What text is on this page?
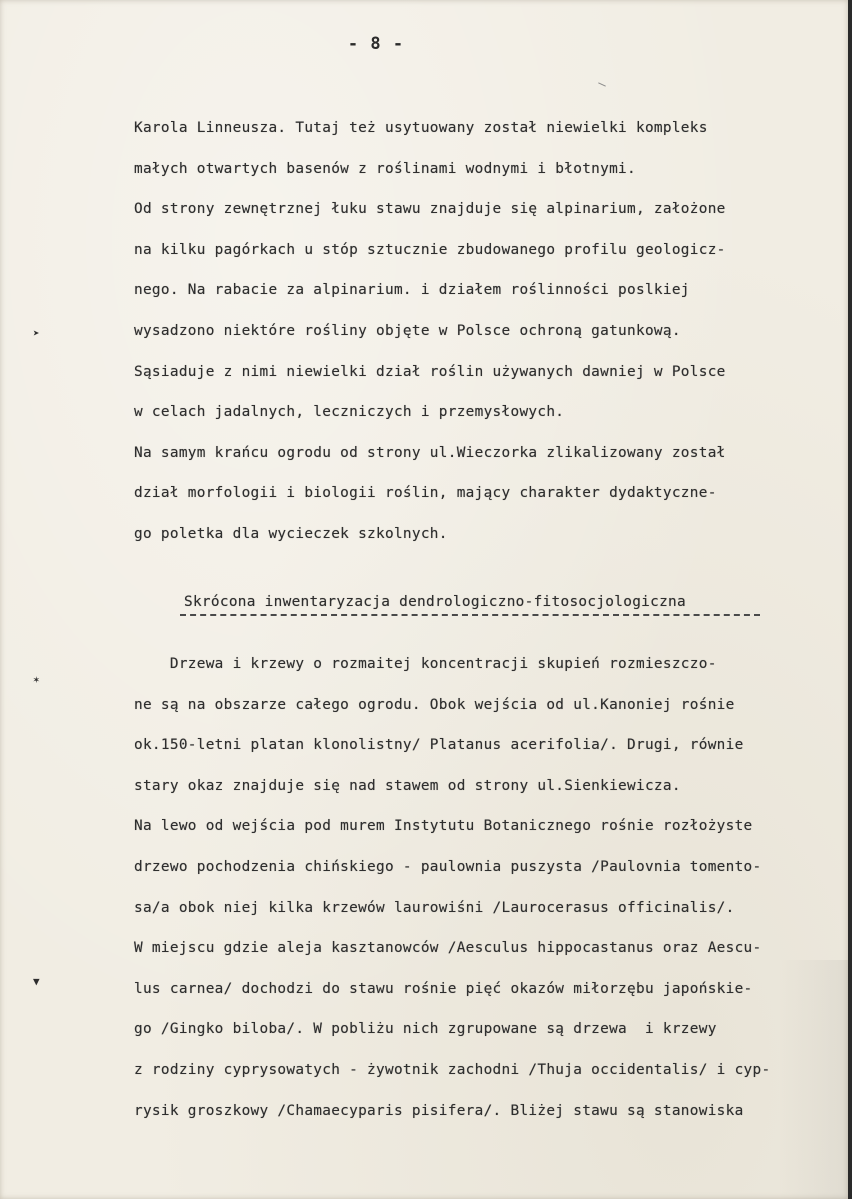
- 8 -
Karola Linneusza. Tutaj też usytuowany został niewielki kompleks
małych otwartych basenów z roślinami wodnymi i błotnymi.
Od strony zewnętrznej łuku stawu znajduje się alpinarium, założone
na kilku pagórkach u stóp sztucznie zbudowanego profilu geologicz-
nego. Na rabacie za alpinarium. i działem roślinności poslkiej
wysadzono niektóre rośliny objęte w Polsce ochroną gatunkową.
Sąsiaduje z nimi niewielki dział roślin używanych dawniej w Polsce
w celach jadalnych, leczniczych i przemysłowych.
Na samym krańcu ogrodu od strony ul.Wieczorka zlikalizowany został
dział morfologii i biologii roślin, mający charakter dydaktyczne-
go poletka dla wycieczek szkolnych.
Skrócona inwentaryzacja dendrologiczno-fitosocjologiczna
Drzewa i krzewy o rozmaitej koncentracji skupień rozmieszczo-
ne są na obszarze całego ogrodu. Obok wejścia od ul.Kanoniej rośnie
ok.150-letni platan klonolistny/ Platanus acerifolia/. Drugi, równie
stary okaz znajduje się nad stawem od strony ul.Sienkiewicza.
Na lewo od wejścia pod murem Instytutu Botanicznego rośnie rozłożyste
drzewo pochodzenia chińskiego - paulownia puszysta /Paulovnia tomento-
sa/a obok niej kilka krzewów laurowiśni /Laurocerasus officinalis/.
W miejscu gdzie aleja kasztanowców /Aesculus hippocastanus oraz Aescu-
lus carnea/ dochodzi do stawu rośnie pięć okazów miłorzębu japońskie-
go /Gingko biloba/. W pobliżu nich zgrupowane są drzewa  i krzewy
z rodziny cyprysowatych - żywotnik zachodni /Thuja occidentalis/ i cyp-
rysik groszkowy /Chamaecyparis pisifera/. Bliżej stawu są stanowiska
➤
✶
▼
